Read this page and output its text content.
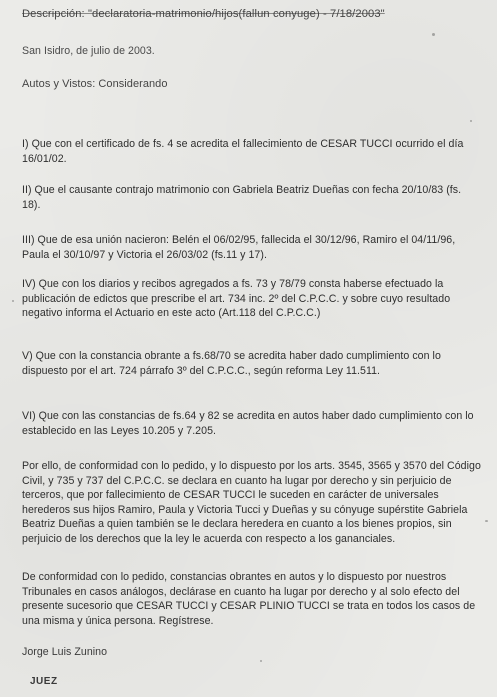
Descripción: "declaratoria-matrimonio/hijos(fallun conyuge) - 7/18/2003"
San Isidro, de julio de 2003.
Autos y Vistos: Considerando
I) Que con el certificado de fs. 4 se acredita el fallecimiento de CESAR TUCCI ocurrido el día 16/01/02.
II) Que el causante contrajo matrimonio con Gabriela Beatriz Dueñas con fecha 20/10/83 (fs. 18).
III) Que de esa unión nacieron: Belén el 06/02/95, fallecida el 30/12/96, Ramiro el 04/11/96, Paula el 30/10/97 y Victoria el 26/03/02 (fs.11 y 17).
IV) Que con los diarios y recibos agregados a fs. 73 y 78/79 consta haberse efectuado la publicación de edictos que prescribe el art. 734 inc. 2º del C.P.C.C. y sobre cuyo resultado negativo informa el Actuario en este acto (Art.118 del C.P.C.C.)
V) Que con la constancia obrante a fs.68/70 se acredita haber dado cumplimiento con lo dispuesto por el art. 724 párrafo 3º del C.P.C.C., según reforma Ley 11.511.
VI) Que con las constancias de fs.64 y 82 se acredita en autos haber dado cumplimiento con lo establecido en las Leyes 10.205 y 7.205.
Por ello, de conformidad con lo pedido, y lo dispuesto por los arts. 3545, 3565 y 3570 del Código Civil, y 735 y 737 del C.P.C.C. se declara en cuanto ha lugar por derecho y sin perjuicio de terceros, que por fallecimiento de CESAR TUCCI le suceden en carácter de universales herederos sus hijos Ramiro, Paula y Victoria Tucci y Dueñas y su cónyuge supérstite Gabriela Beatriz Dueñas a quien también se le declara heredera en cuanto a los bienes propios, sin perjuicio de los derechos que la ley le acuerda con respecto a los gananciales.
De conformidad con lo pedido, constancias obrantes en autos y lo dispuesto por nuestros Tribunales en casos análogos, declárase en cuanto ha lugar por derecho y al solo efecto del presente sucesorio que CESAR TUCCI y CESAR PLINIO TUCCI se trata en todos los casos de una misma y única persona. Regístrese.
Jorge Luis Zunino
JUEZ
